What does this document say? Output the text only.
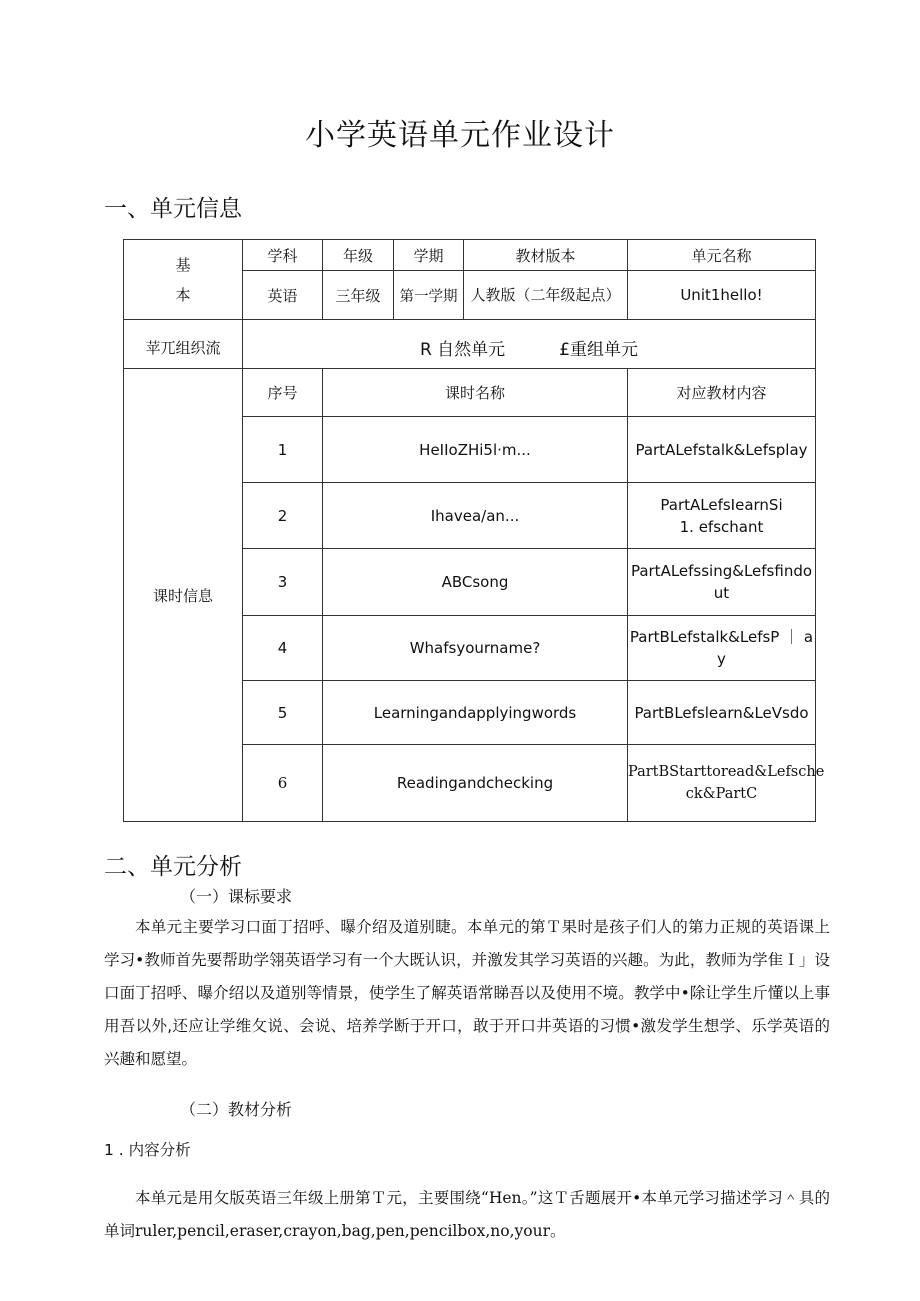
小学英语单元作业设计
一、单元信息
基
本	学科	年级	学期	教材版本	单元名称
	英语	三年级	第一学期	人教版（二年级起点）	Unit1hello!
苹兀组织流	R 自然单元          £重组单元				
课时信息	序号	课时名称			对应教材内容
	1	HeIIoZHi5l·m...			PartALefstalk&Lefsplay
	2	Ihavea/an...			PartALefsIearnSi
1. efschant
	3	ABCsong			PartALefssing&Lefsfindo
ut
	4	Whafsyourname?			PartBLefstalk&LefsP ｜ a
y
	5	Learningandapplyingwords			PartBLefslearn&LeVsdo
	6	Readingandchecking			PartBStarttoread&Lefsche
ck&PartC
二、单元分析
（一）课标要求
本单元主要学习口面丁招呼、曝介绍及道别睫。本单元的第Ｔ果时是孩子们人的第力正规的英语课上学习•教师首先要帮助学翎英语学习有一个大既认识，并激发其学习英语的兴趣。为此，教师为学隹Ｉ」设口面丁招呼、曝介绍以及道别等情景，使学生了解英语常睇吾以及使用不境。教学中•除让学生斤懂以上事用吾以外,还应让学维攵说、会说、培养学断于开口，敢于开口井英语的习惯•激发学生想学、乐学英语的兴趣和愿望。
（二）教材分析
1 . 内容分析
本单元是用攵版英语三年级上册第Ｔ元，主要围绕“Hen。”这Ｔ舌题展开•本单元学习描述学习＾具的单词ruler,pencil,eraser,crayon,bag,pen,pencilbox,no,your。
